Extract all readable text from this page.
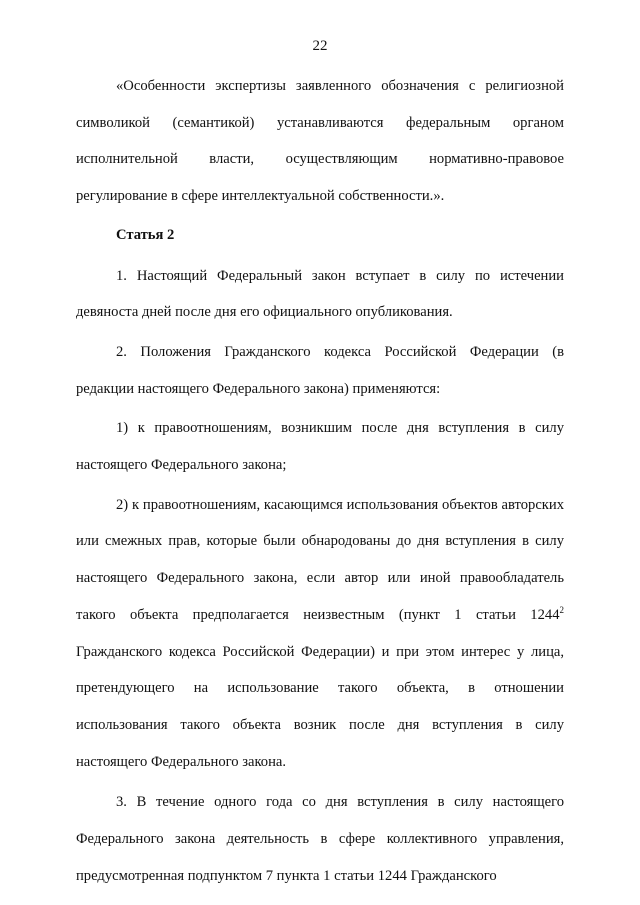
22

«Особенности экспертизы заявленного обозначения с религиозной символикой (семантикой) устанавливаются федеральным органом исполнительной власти, осуществляющим нормативно-правовое регулирование в сфере интеллектуальной собственности.».

Статья 2

1. Настоящий Федеральный закон вступает в силу по истечении девяноста дней после дня его официального опубликования.

2. Положения Гражданского кодекса Российской Федерации (в редакции настоящего Федерального закона) применяются:

1) к правоотношениям, возникшим после дня вступления в силу настоящего Федерального закона;

2) к правоотношениям, касающимся использования объектов авторских или смежных прав, которые были обнародованы до дня вступления в силу настоящего Федерального закона, если автор или иной правообладатель такого объекта предполагается неизвестным (пункт 1 статьи 1244$^2$ Гражданского кодекса Российской Федерации) и при этом интерес у лица, претендующего на использование такого объекта, в отношении использования такого объекта возник после дня вступления в силу настоящего Федерального закона.

3. В течение одного года со дня вступления в силу настоящего Федерального закона деятельность в сфере коллективного управления, предусмотренная подпунктом 7 пункта 1 статьи 1244 Гражданского
